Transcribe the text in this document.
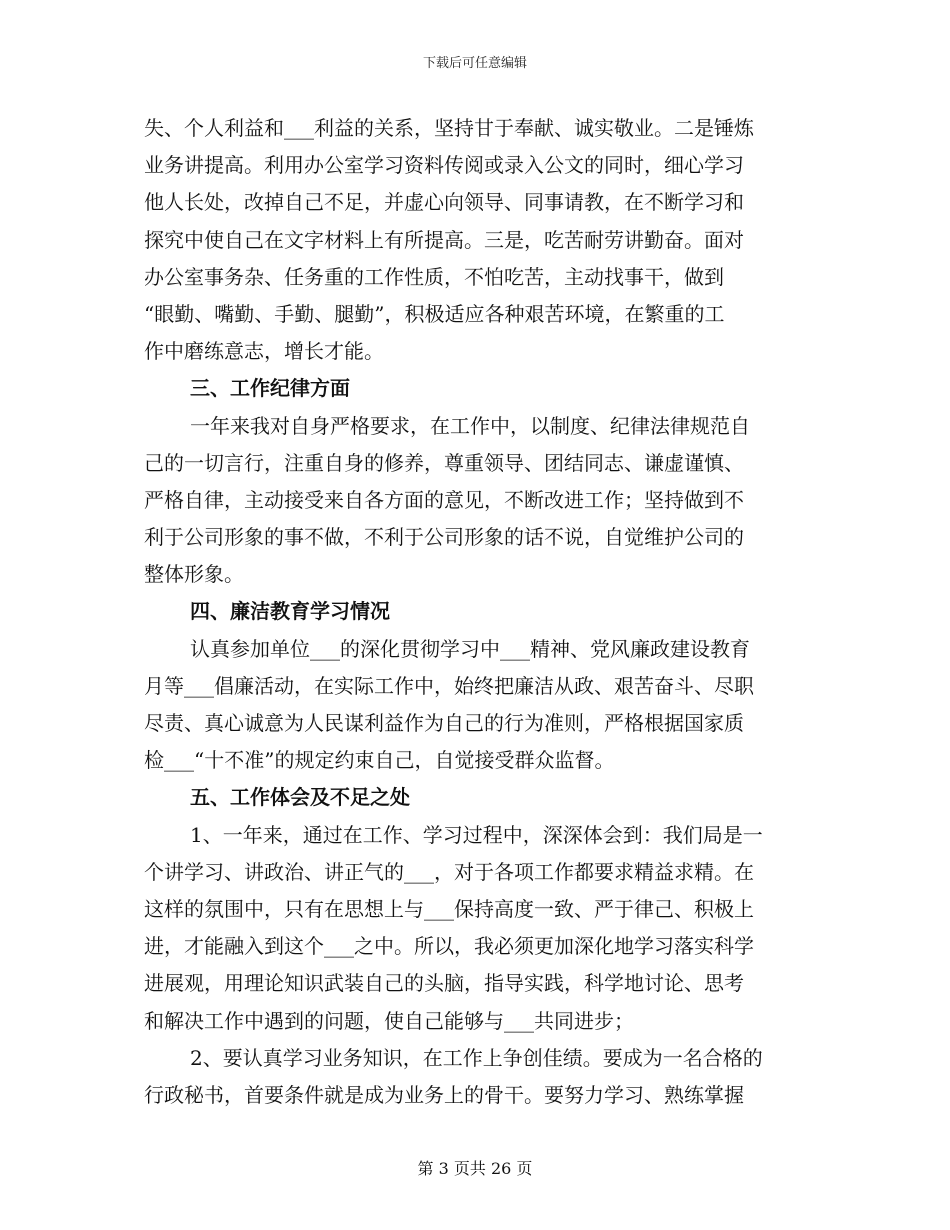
下载后可任意编辑
失、个人利益和___利益的关系，坚持甘于奉献、诚实敬业。二是锤炼
业务讲提高。利用办公室学习资料传阅或录入公文的同时，细心学习
他人长处，改掉自己不足，并虚心向领导、同事请教，在不断学习和
探究中使自己在文字材料上有所提高。三是，吃苦耐劳讲勤奋。面对
办公室事务杂、任务重的工作性质，不怕吃苦，主动找事干，做到
“眼勤、嘴勤、手勤、腿勤”，积极适应各种艰苦环境，在繁重的工
作中磨练意志，增长才能。
三、工作纪律方面
一年来我对自身严格要求，在工作中，以制度、纪律法律规范自
己的一切言行，注重自身的修养，尊重领导、团结同志、谦虚谨慎、
严格自律，主动接受来自各方面的意见，不断改进工作；坚持做到不
利于公司形象的事不做，不利于公司形象的话不说，自觉维护公司的
整体形象。
四、廉洁教育学习情况
认真参加单位___的深化贯彻学习中___精神、党风廉政建设教育
月等___倡廉活动，在实际工作中，始终把廉洁从政、艰苦奋斗、尽职
尽责、真心诚意为人民谋利益作为自己的行为准则，严格根据国家质
检___“十不准”的规定约束自己，自觉接受群众监督。
五、工作体会及不足之处
1、一年来，通过在工作、学习过程中，深深体会到：我们局是一
个讲学习、讲政治、讲正气的___，对于各项工作都要求精益求精。在
这样的氛围中，只有在思想上与___保持高度一致、严于律己、积极上
进，才能融入到这个___之中。所以，我必须更加深化地学习落实科学
进展观，用理论知识武装自己的头脑，指导实践，科学地讨论、思考
和解决工作中遇到的问题，使自己能够与___共同进步；
2、要认真学习业务知识，在工作上争创佳绩。要成为一名合格的
行政秘书，首要条件就是成为业务上的骨干。要努力学习、熟练掌握
第 3 页共 26 页
